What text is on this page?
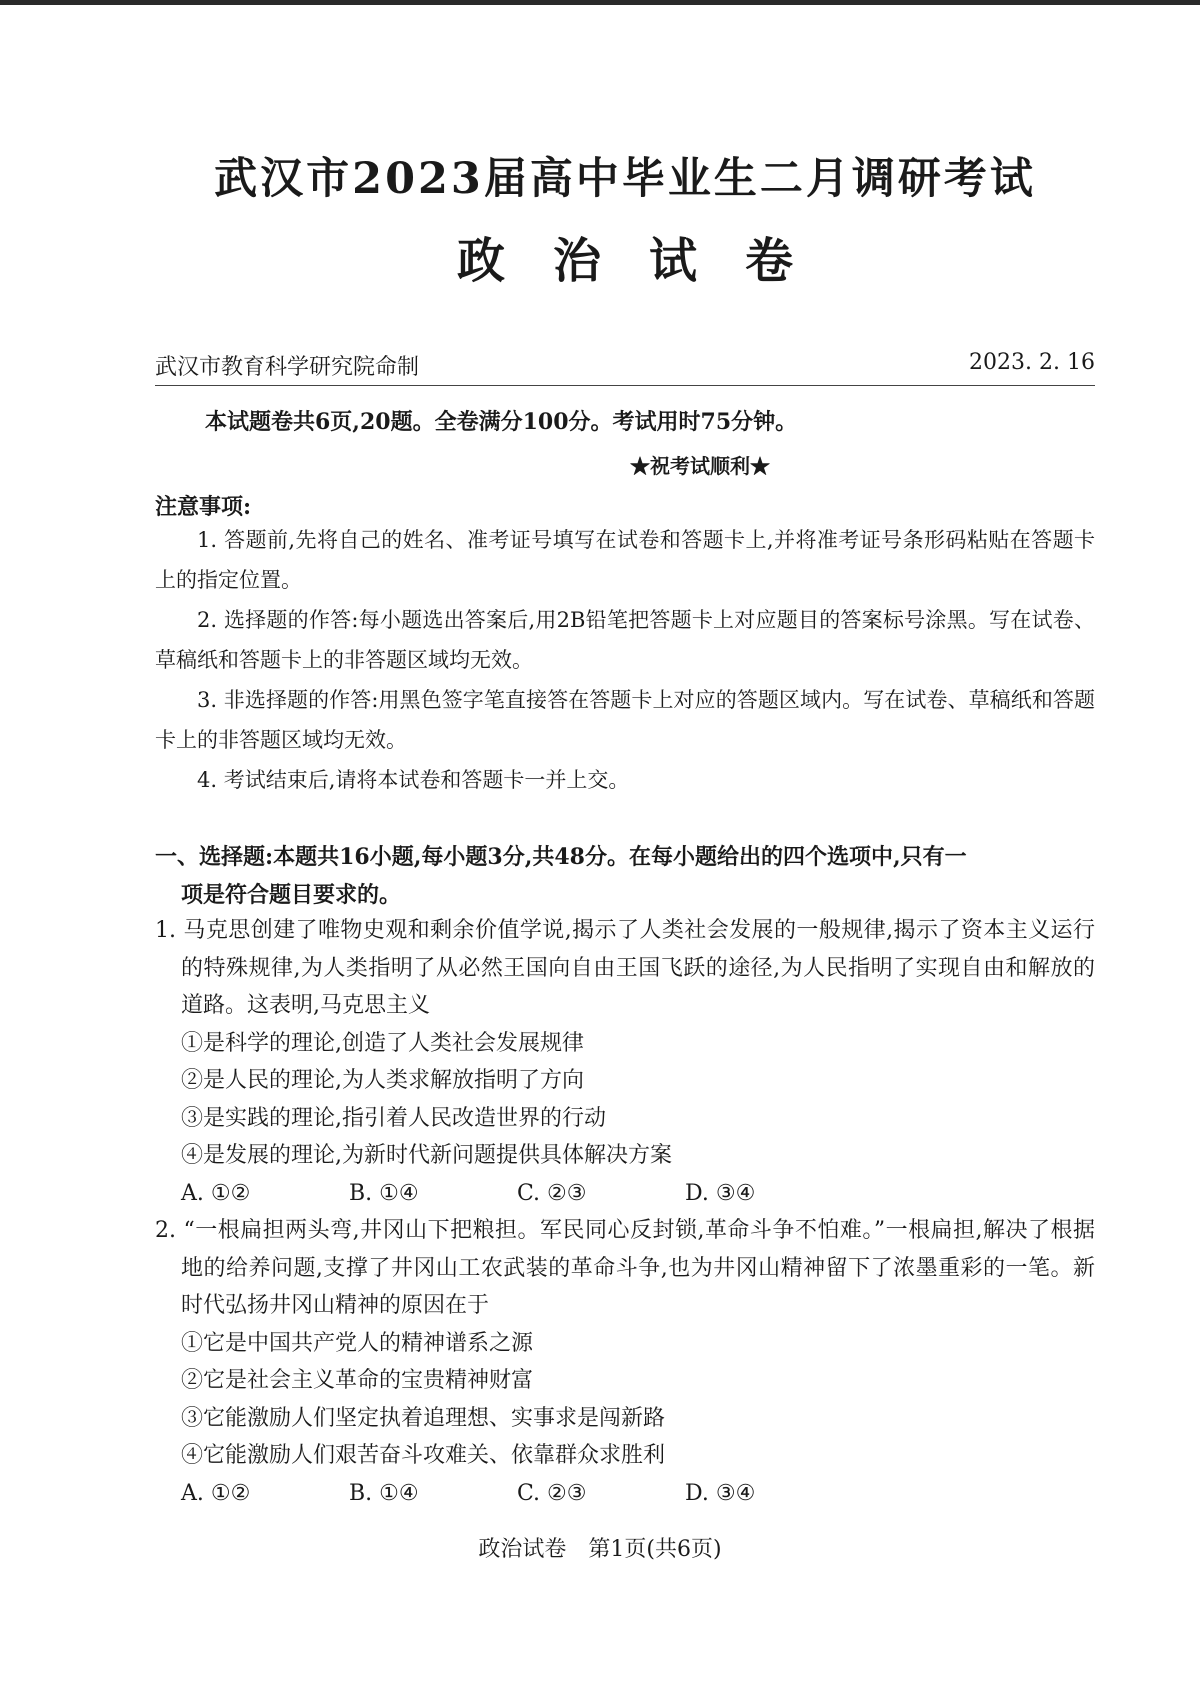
武汉市2023届高中毕业生二月调研考试
政治试卷
武汉市教育科学研究院命制	2023. 2. 16
本试题卷共6页,20题。全卷满分100分。考试用时75分钟。
★祝考试顺利★
注意事项:

1. 答题前,先将自己的姓名、准考证号填写在试卷和答题卡上,并将准考证号条形码粘贴在答题卡上的指定位置。

2. 选择题的作答:每小题选出答案后,用2B铅笔把答题卡上对应题目的答案标号涂黑。写在试卷、草稿纸和答题卡上的非答题区域均无效。

3. 非选择题的作答:用黑色签字笔直接答在答题卡上对应的答题区域内。写在试卷、草稿纸和答题卡上的非答题区域均无效。

4. 考试结束后,请将本试卷和答题卡一并上交。

一、选择题:本题共16小题,每小题3分,共48分。在每小题给出的四个选项中,只有一
项是符合题目要求的。
1. 马克思创建了唯物史观和剩余价值学说,揭示了人类社会发展的一般规律,揭示了资本主义运行的特殊规律,为人类指明了从必然王国向自由王国飞跃的途径,为人民指明了实现自由和解放的道路。这表明,马克思主义
①是科学的理论,创造了人类社会发展规律
②是人民的理论,为人类求解放指明了方向
③是实践的理论,指引着人民改造世界的行动
④是发展的理论,为新时代新问题提供具体解决方案
A. ①②	B. ①④	C. ②③	D. ③④
2. “一根扁担两头弯,井冈山下把粮担。军民同心反封锁,革命斗争不怕难。”一根扁担,解决了根据地的给养问题,支撑了井冈山工农武装的革命斗争,也为井冈山精神留下了浓墨重彩的一笔。新时代弘扬井冈山精神的原因在于
①它是中国共产党人的精神谱系之源
②它是社会主义革命的宝贵精神财富
③它能激励人们坚定执着追理想、实事求是闯新路
④它能激励人们艰苦奋斗攻难关、依靠群众求胜利
A. ①②	B. ①④	C. ②③	D. ③④
政治试卷　第1页(共6页)
